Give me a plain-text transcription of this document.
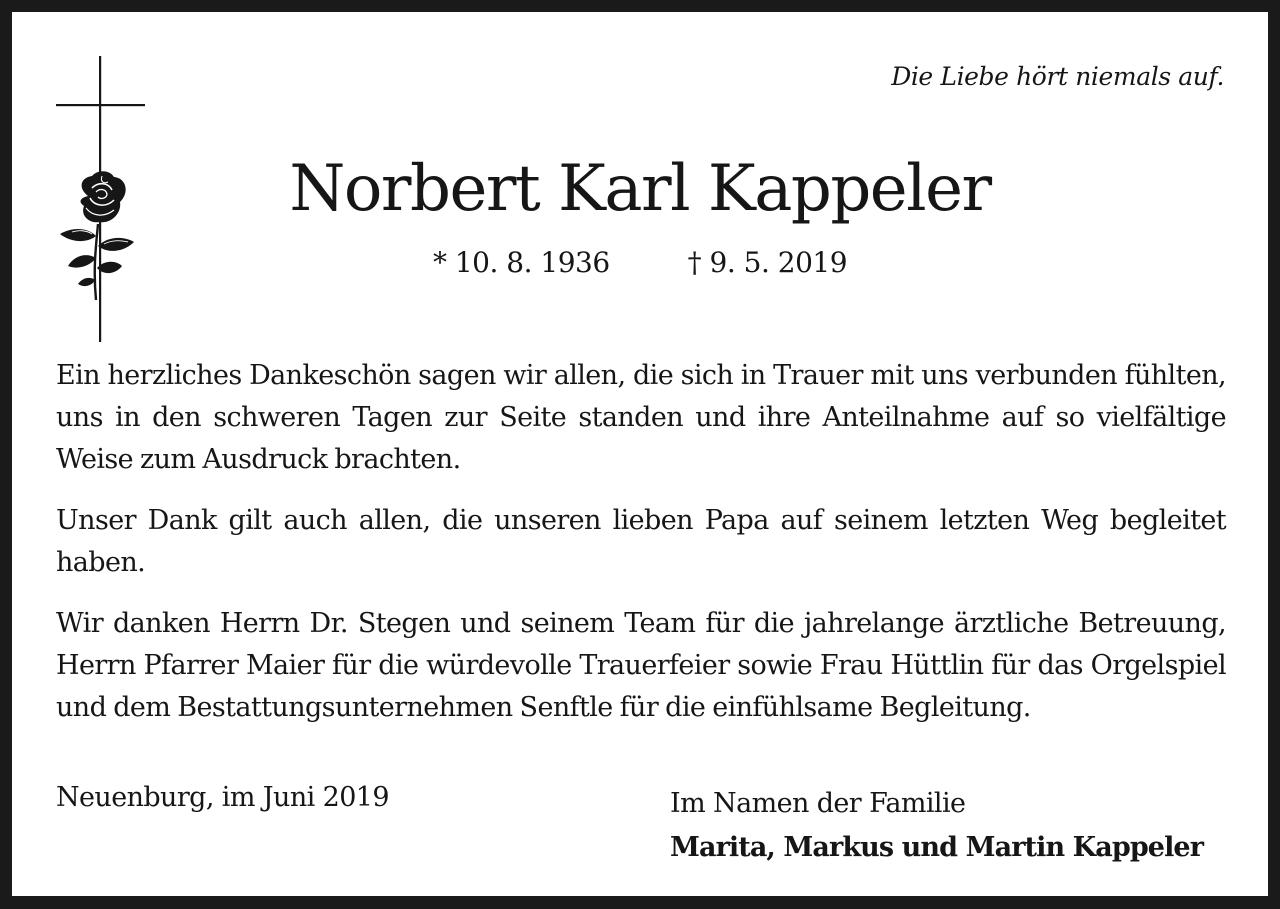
Die Liebe hört niemals auf.
Norbert Karl Kappeler
* 10. 8. 1936	† 9. 5. 2019

Ein herzliches Dankeschön sagen wir allen, die sich in Trauer mit uns verbunden fühlten, uns in den schweren Tagen zur Seite standen und ihre Anteilnahme auf so vielfältige Weise zum Ausdruck brachten.

Unser Dank gilt auch allen, die unseren lieben Papa auf seinem letzten Weg begleitet haben.

Wir danken Herrn Dr. Stegen und seinem Team für die jahrelange ärztliche Betreuung, Herrn Pfarrer Maier für die würdevolle Trauerfeier sowie Frau Hüttlin für das Orgelspiel und dem Bestattungsunternehmen Senftle für die einfühlsame Begleitung.

Neuenburg, im Juni 2019	Im Namen der Familie
Marita, Markus und Martin Kappeler
